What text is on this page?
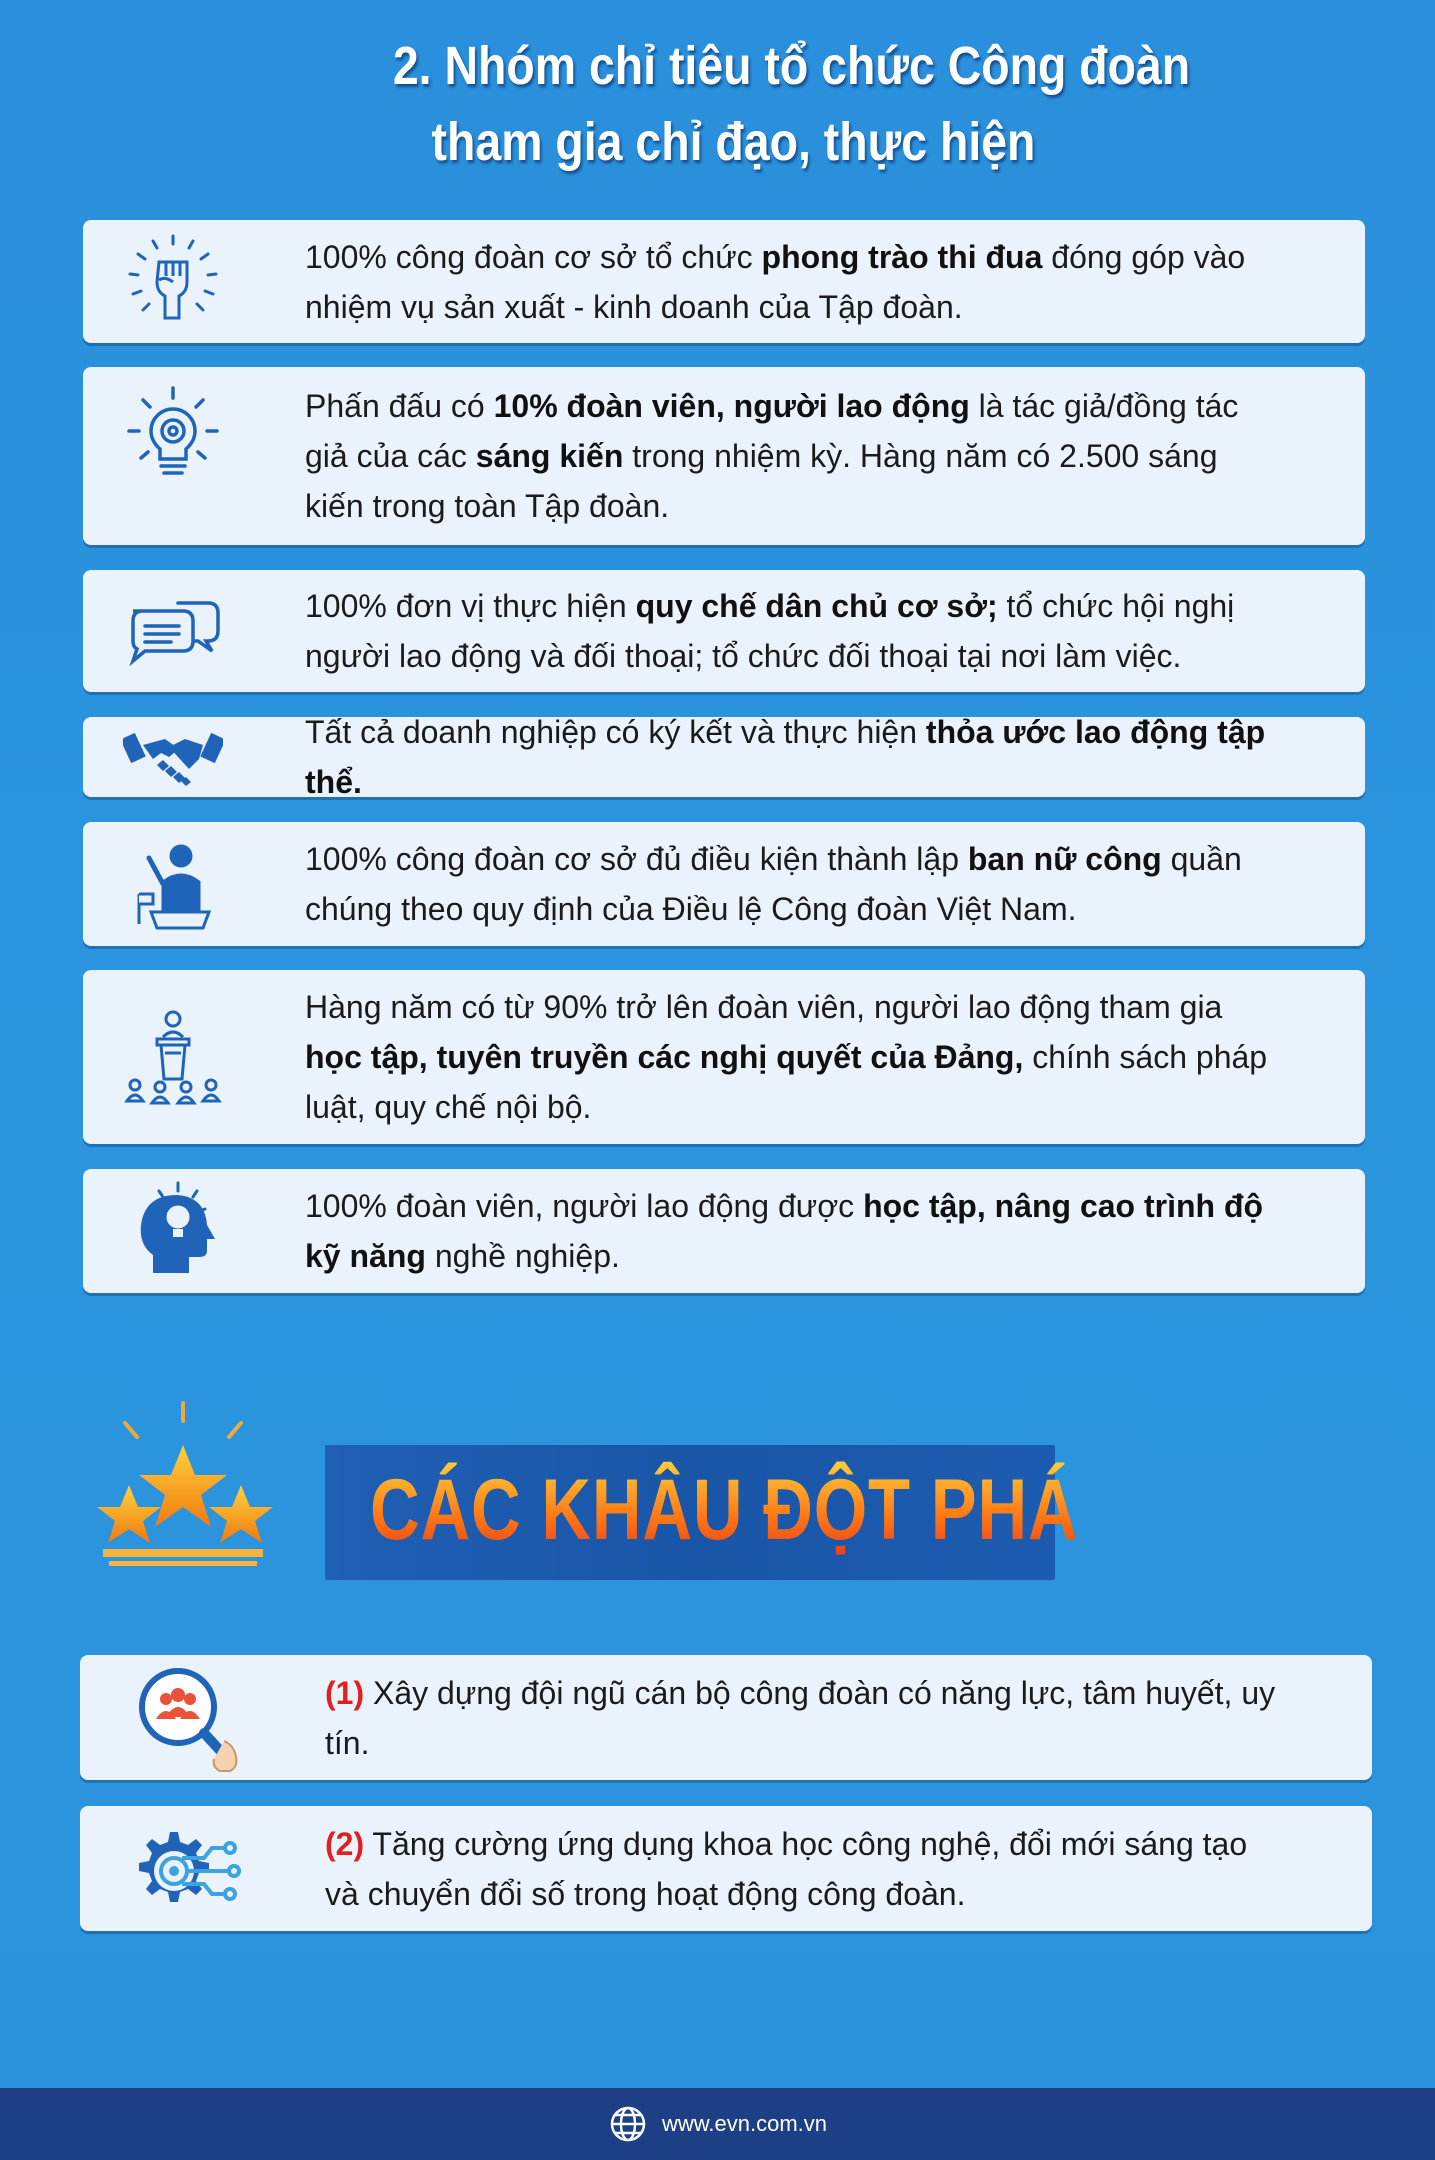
2. Nhóm chỉ tiêu tổ chức Công đoàn
tham gia chỉ đạo, thực hiện
100% công đoàn cơ sở tổ chức phong trào thi đua đóng góp vào nhiệm vụ sản xuất - kinh doanh của Tập đoàn.
Phấn đấu có 10% đoàn viên, người lao động là tác giả/đồng tác giả của các sáng kiến trong nhiệm kỳ. Hàng năm có 2.500 sáng kiến trong toàn Tập đoàn.
100% đơn vị thực hiện quy chế dân chủ cơ sở; tổ chức hội nghị người lao động và đối thoại; tổ chức đối thoại tại nơi làm việc.
Tất cả doanh nghiệp có ký kết và thực hiện thỏa ước lao động tập thể.
100% công đoàn cơ sở đủ điều kiện thành lập ban nữ công quần chúng theo quy định của Điều lệ Công đoàn Việt Nam.
Hàng năm có từ 90% trở lên đoàn viên, người lao động tham gia học tập, tuyên truyền các nghị quyết của Đảng, chính sách pháp luật, quy chế nội bộ.
100% đoàn viên, người lao động được học tập, nâng cao trình độ kỹ năng nghề nghiệp.
CÁC KHÂU ĐỘT PHÁ
(1) Xây dựng đội ngũ cán bộ công đoàn có năng lực, tâm huyết, uy tín.
(2) Tăng cường ứng dụng khoa học công nghệ, đổi mới sáng tạo và chuyển đổi số trong hoạt động công đoàn.
www.evn.com.vn
